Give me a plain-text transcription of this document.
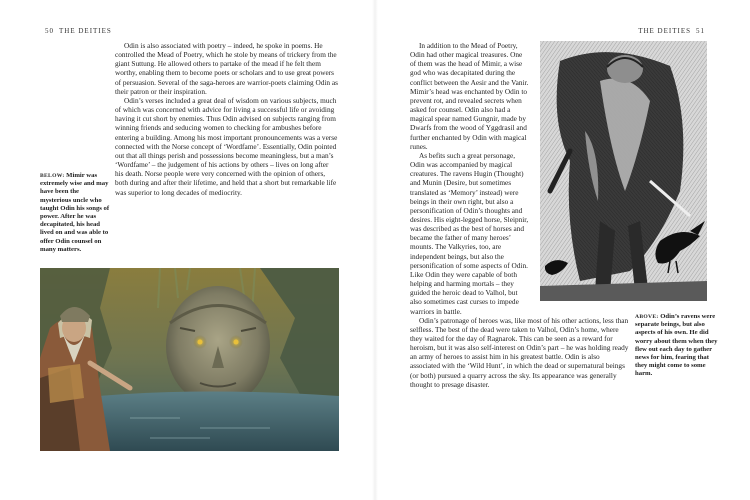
50 THE DEITIES

Odin is also associated with poetry – indeed, he spoke in poems. He controlled the Mead of Poetry, which he stole by means of trickery from the giant Suttung. He allowed others to partake of the mead if he felt them worthy, enabling them to become poets or scholars and to use great powers of persuasion. Several of the saga-heroes are warrior-poets claiming Odin as their patron or their inspiration.

Odin’s verses included a great deal of wisdom on various subjects, much of which was concerned with advice for living a successful life or avoiding having it cut short by enemies. Thus Odin advised on subjects ranging from winning friends and seducing women to checking for ambushes before entering a building. Among his most important pronouncements was a verse connected with the Norse concept of ‘Wordfame’. Essentially, Odin pointed out that all things perish and possessions become meaningless, but a man’s ‘Wordfame’ – the judgement of his actions by others – lives on long after his death. Norse people were very concerned with the opinion of others, both during and after their lifetime, and held that a short but remarkable life was superior to long decades of mediocrity.

BELOW: Mimir was extremely wise and may have been the mysterious uncle who taught Odin his songs of power. After he was decapitated, his head lived on and was able to offer Odin counsel on many matters.
THE DEITIES 51

In addition to the Mead of Poetry, Odin had other magical treasures. One of them was the head of Mimir, a wise god who was decapitated during the conflict between the Aesir and the Vanir. Mimir’s head was enchanted by Odin to prevent rot, and revealed secrets when asked for counsel. Odin also had a magical spear named Gungnir, made by Dwarfs from the wood of Yggdrasil and further enchanted by Odin with magical runes.

As befits such a great personage, Odin was accompanied by magical creatures. The ravens Hugin (Thought) and Munin (Desire, but sometimes translated as ‘Memory’ instead) were beings in their own right, but also a personification of Odin’s thoughts and desires. His eight-legged horse, Sleipnir, was described as the best of horses and became the father of many heroes’ mounts. The Valkyries, too, are independent beings, but also the personification of some aspects of Odin. Like Odin they were capable of both helping and harming mortals – they guided the heroic dead to Valhol, but also sometimes cast curses to impede warriors in battle.

Odin’s patronage of heroes was, like most of his other actions, less than selfless. The best of the dead were taken to Valhol, Odin’s home, where they waited for the day of Ragnarok. This can be seen as a reward for heroism, but it was also self-interest on Odin’s part – he was holding ready an army of heroes to assist him in his greatest battle. Odin is also associated with the ‘Wild Hunt’, in which the dead or supernatural beings (or both) pursued a quarry across the sky. Its appearance was generally thought to presage disaster.

ABOVE: Odin’s ravens were separate beings, but also aspects of his own. He did worry about them when they flew out each day to gather news for him, fearing that they might come to some harm.
